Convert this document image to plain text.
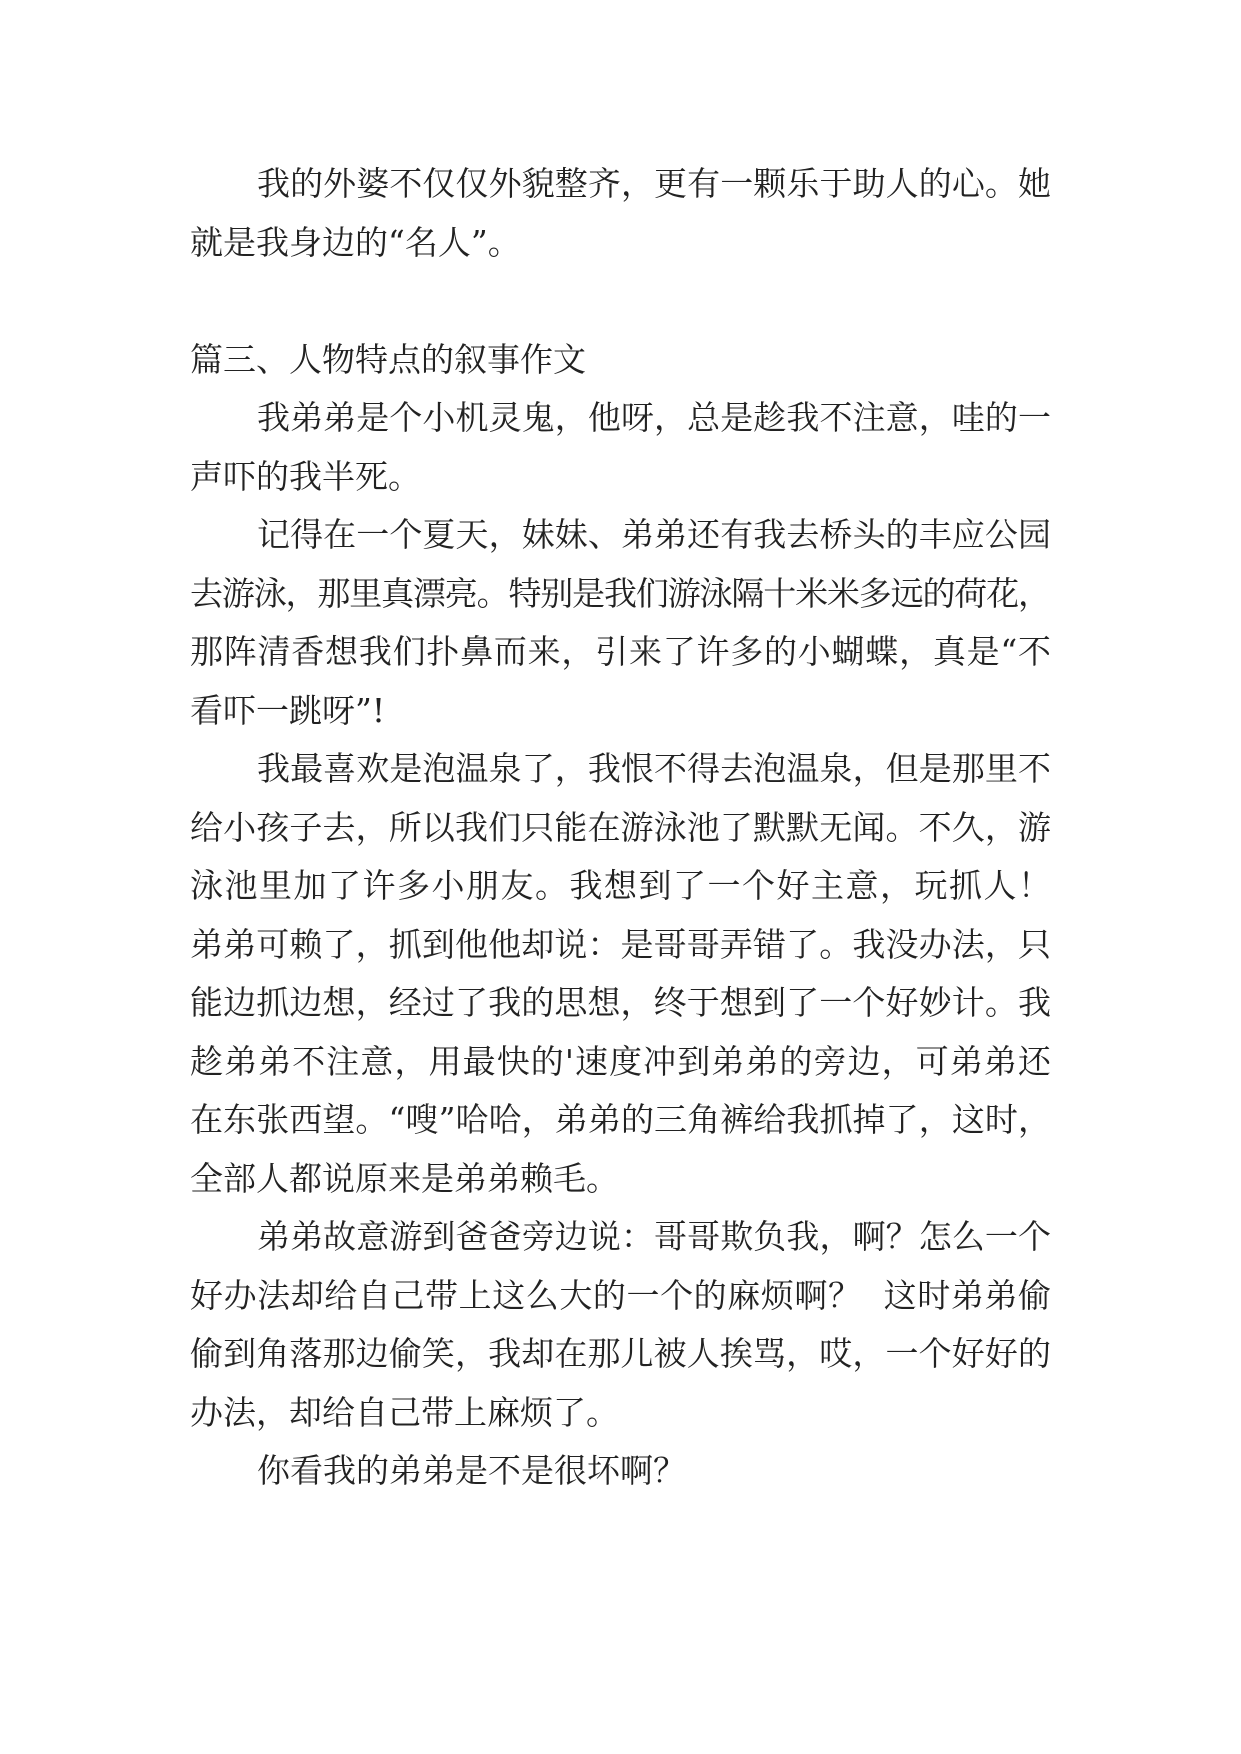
我的外婆不仅仅外貌整齐，更有一颗乐于助人的心。她
就是我身边的“名人”。
篇三、人物特点的叙事作文
我弟弟是个小机灵鬼，他呀，总是趁我不注意，哇的一
声吓的我半死。
记得在一个夏天，妹妹、弟弟还有我去桥头的丰应公园
去游泳，那里真漂亮。特别是我们游泳隔十米米多远的荷花，
那阵清香想我们扑鼻而来，引来了许多的小蝴蝶，真是“不
看吓一跳呀”!
我最喜欢是泡温泉了，我恨不得去泡温泉，但是那里不
给小孩子去，所以我们只能在游泳池了默默无闻。不久，游
泳池里加了许多小朋友。我想到了一个好主意，玩抓人！
弟弟可赖了，抓到他他却说：是哥哥弄错了。我没办法，只
能边抓边想，经过了我的思想，终于想到了一个好妙计。我
趁弟弟不注意，用最快的'速度冲到弟弟的旁边，可弟弟还
在东张西望。“嗖”哈哈，弟弟的三角裤给我抓掉了，这时，
全部人都说原来是弟弟赖毛。
弟弟故意游到爸爸旁边说：哥哥欺负我，啊？怎么一个
好办法却给自己带上这么大的一个的麻烦啊？  这时弟弟偷
偷到角落那边偷笑，我却在那儿被人挨骂，哎，一个好好的
办法，却给自己带上麻烦了。
你看我的弟弟是不是很坏啊？
